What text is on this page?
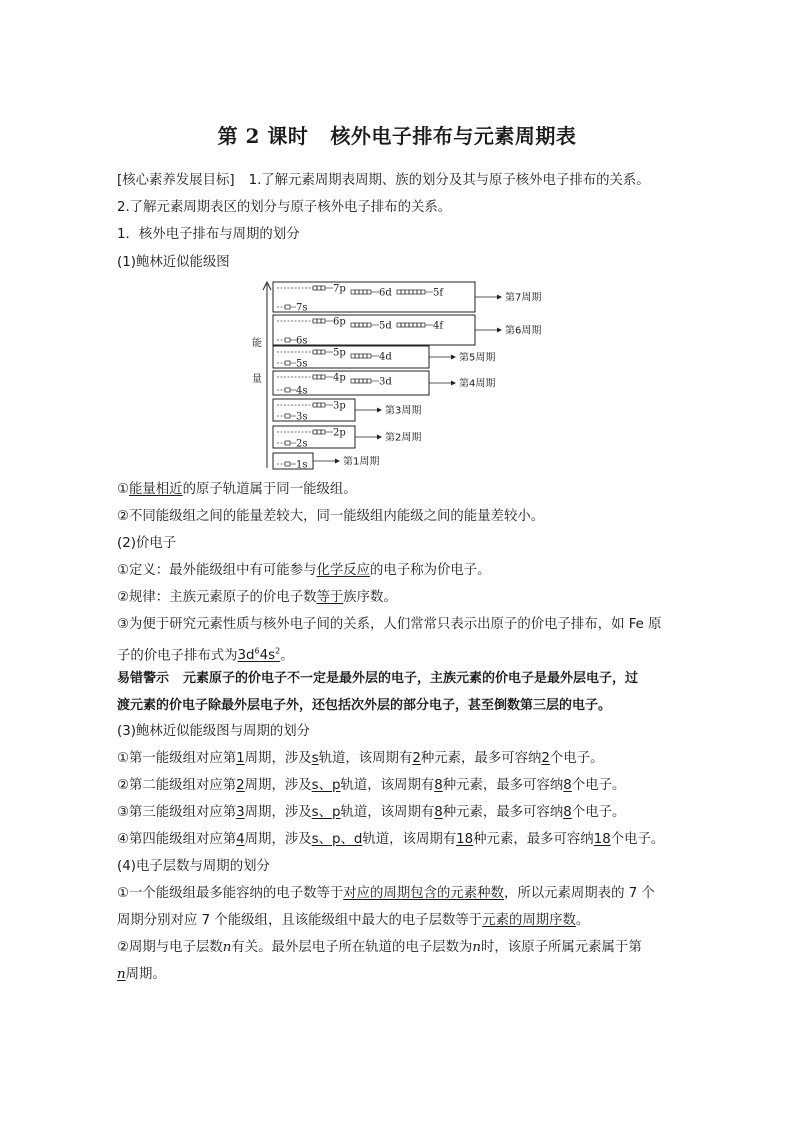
第 2 课时 核外电子排布与元素周期表
[核心素养发展目标] 1.了解元素周期表周期、族的划分及其与原子核外电子排布的关系。
2.了解元素周期表区的划分与原子核外电子排布的关系。
1．核外电子排布与周期的划分
(1)鲍林近似能级图
能
量
第7周期
7s
7p	6d	5f
第6周期
6s
6p	5d	4f
第5周期
5s
5p	4d
第4周期
4s
4p	3d
第3周期
3s
3p
第2周期
2s
2p
第1周期
1s
①能量相近的原子轨道属于同一能级组。
②不同能级组之间的能量差较大，同一能级组内能级之间的能量差较小。
(2)价电子
①定义：最外能级组中有可能参与化学反应的电子称为价电子。
②规律：主族元素原子的价电子数等于族序数。
③为便于研究元素性质与核外电子间的关系，人们常常只表示出原子的价电子排布，如 Fe 原
子的价电子排布式为$3d^64s^2$。
易错警示 元素原子的价电子不一定是最外层的电子，主族元素的价电子是最外层电子，过
渡元素的价电子除最外层电子外，还包括次外层的部分电子，甚至倒数第三层的电子。
(3)鲍林近似能级图与周期的划分
①第一能级组对应第1周期，涉及s轨道，该周期有2种元素，最多可容纳2个电子。
②第二能级组对应第2周期，涉及s、p轨道，该周期有8种元素，最多可容纳8个电子。
③第三能级组对应第3周期，涉及s、p轨道，该周期有8种元素，最多可容纳8个电子。
④第四能级组对应第4周期，涉及s、p、d轨道，该周期有18种元素，最多可容纳18个电子。
(4)电子层数与周期的划分
①一个能级组最多能容纳的电子数等于对应的周期包含的元素种数，所以元素周期表的 7 个
周期分别对应 7 个能级组，且该能级组中最大的电子层数等于元素的周期序数。
②周期与电子层数n有关。最外层电子所在轨道的电子层数为n时，该原子所属元素属于第
n周期。
